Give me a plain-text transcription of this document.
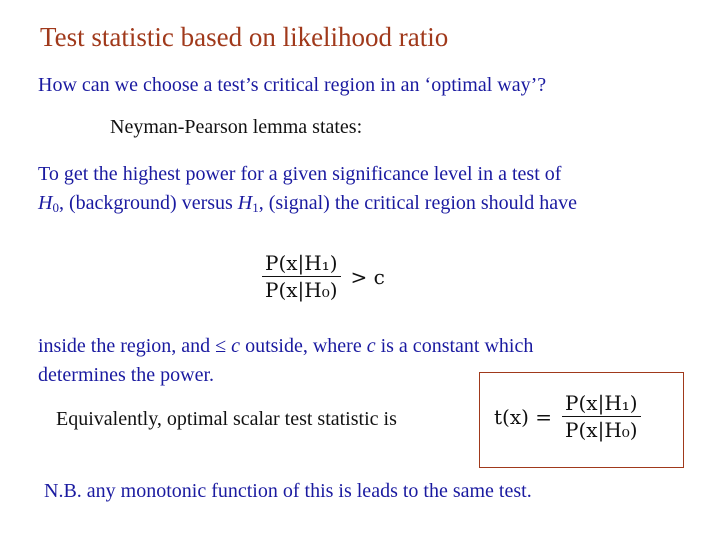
Test statistic based on likelihood ratio
How can we choose a test’s critical region in an ‘optimal way’?
Neyman-Pearson lemma states:
To get the highest power for a given significance level in a test of
$H_0$, (background) versus $H_1$, (signal) the critical region should have
$\frac{\text{P(x|H₁)}}{\text{P(x|H₀)}} > c$
inside the region, and ≤ c outside, where c is a constant which
determines the power.
Equivalently, optimal scalar test statistic is	$t(x) = \frac{\text{P(x|H₁)}}{\text{P(x|H₀)}}$
N.B. any monotonic function of this is leads to the same test.
